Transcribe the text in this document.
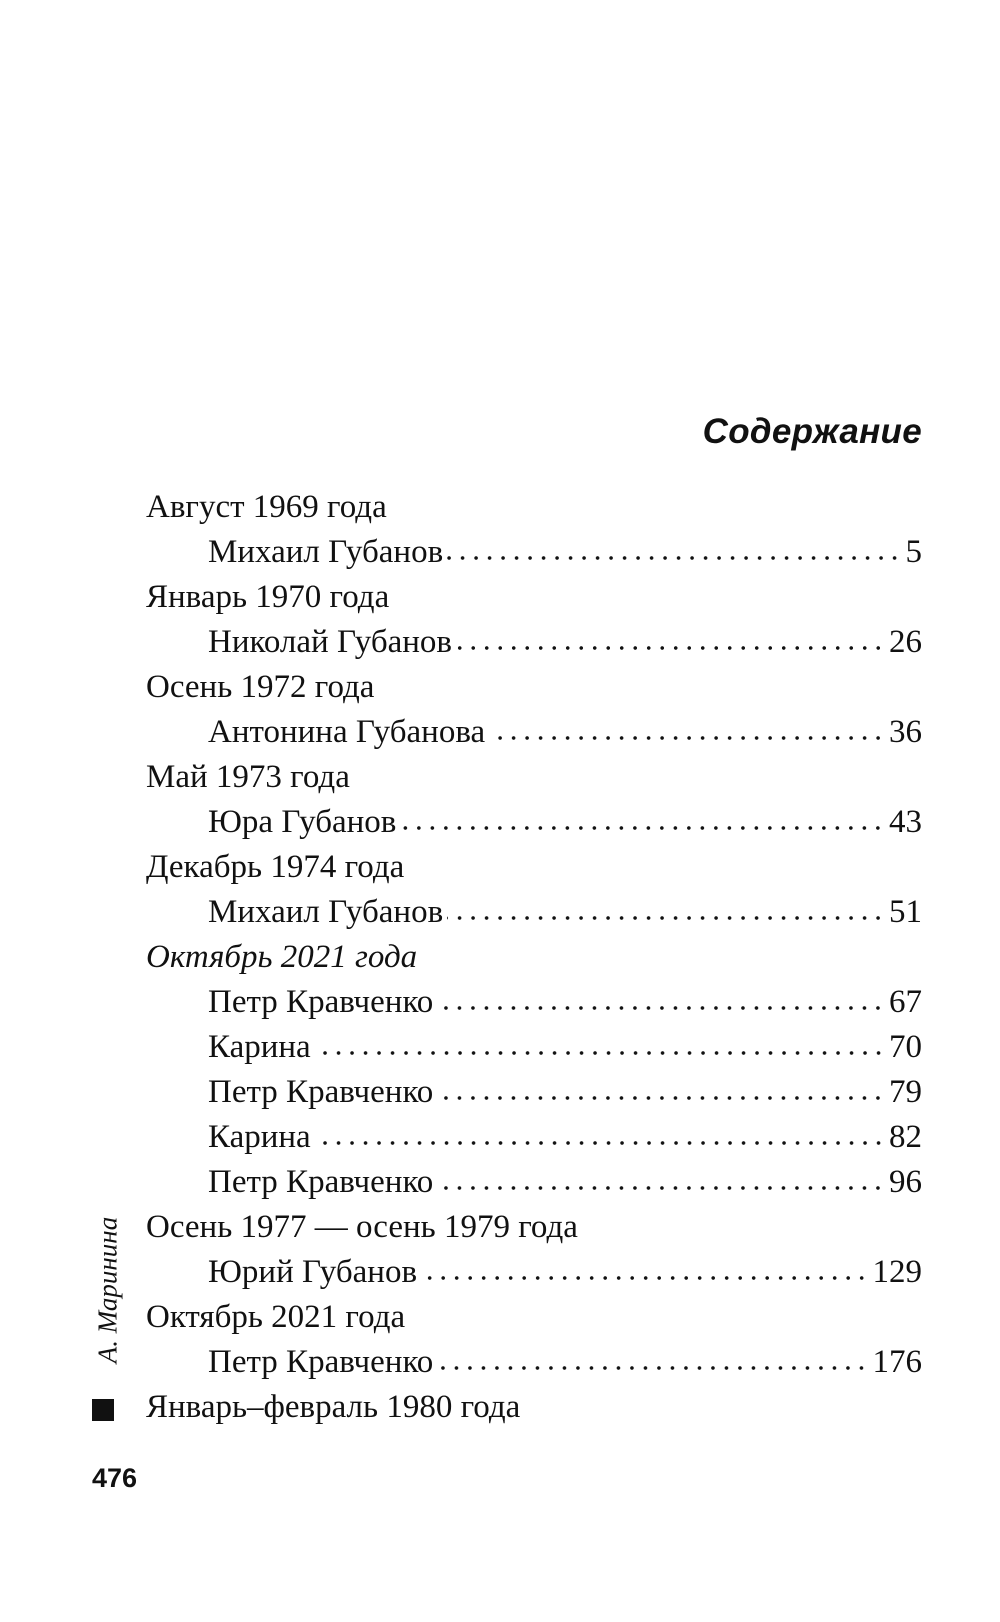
Содержание
Август 1969 года
Михаил Губанов	5
Январь 1970 года
Николай Губанов	26
Осень 1972 года
Антонина Губанова	36
Май 1973 года
Юра Губанов	43
Декабрь 1974 года
Михаил Губанов	51
Октябрь 2021 года
Петр Кравченко	67
Карина	70
Петр Кравченко	79
Карина	82
Петр Кравченко	96
Осень 1977 — осень 1979 года
Юрий Губанов	129
Октябрь 2021 года
Петр Кравченко	176
Январь–февраль 1980 года
А. Маринина
476
